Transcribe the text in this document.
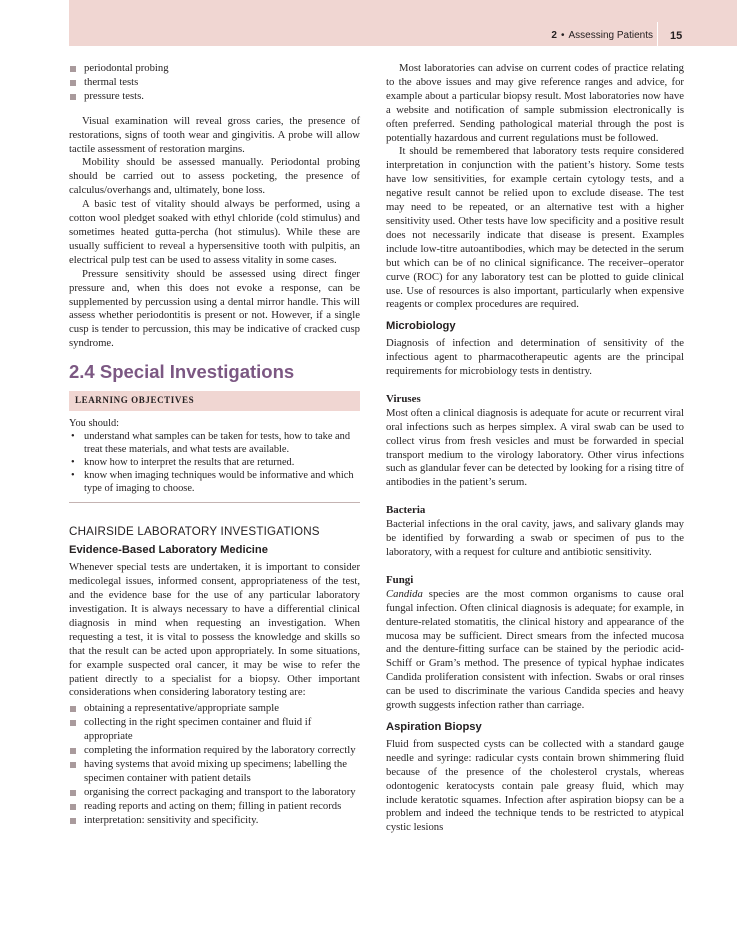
2 • Assessing Patients 15
periodontal probing
thermal tests
pressure tests.

Visual examination will reveal gross caries, the presence of restorations, signs of tooth wear and gingivitis. A probe will allow tactile assessment of restoration margins.

Mobility should be assessed manually. Periodontal probing should be carried out to assess pocketing, the presence of calculus/overhangs and, ultimately, bone loss.

A basic test of vitality should always be performed, using a cotton wool pledget soaked with ethyl chloride (cold stimulus) and sometimes heated gutta-percha (hot stimulus). While these are usually sufficient to reveal a hypersensitive tooth with pulpitis, an electrical pulp test can be used to assess vitality in some cases.

Pressure sensitivity should be assessed using direct finger pressure and, when this does not evoke a response, can be supplemented by percussion using a dental mirror handle. This will assess whether periodontitis is present or not. However, if a single cusp is tender to percussion, this may be indicative of cracked cusp syndrome.

2.4 Special Investigations
LEARNING OBJECTIVES
You should:
• understand what samples can be taken for tests, how to take and treat these materials, and what tests are available.
• know how to interpret the results that are returned.
• know when imaging techniques would be informative and which type of imaging to choose.
CHAIRSIDE LABORATORY INVESTIGATIONS
Evidence-Based Laboratory Medicine

Whenever special tests are undertaken, it is important to consider medicolegal issues, informed consent, appropriateness of the test, and the evidence base for the use of any particular laboratory investigation. It is always necessary to have a differential clinical diagnosis in mind when requesting an investigation. When requesting a test, it is vital to possess the knowledge and skills so that the result can be acted upon appropriately. In some situations, for example suspected oral cancer, it may be wise to refer the patient directly to a specialist for a biopsy. Other important considerations when considering laboratory testing are:

obtaining a representative/appropriate sample
collecting in the right specimen container and fluid if appropriate
completing the information required by the laboratory correctly
having systems that avoid mixing up specimens; labelling the specimen container with patient details
organising the correct packaging and transport to the laboratory
reading reports and acting on them; filling in patient records
interpretation: sensitivity and specificity.

Most laboratories can advise on current codes of practice relating to the above issues and may give reference ranges and advice, for example about a particular biopsy result. Most laboratories now have a website and notification of sample submission electronically is often preferred. Sending pathological material through the post is potentially hazardous and current regulations must be followed.

It should be remembered that laboratory tests require considered interpretation in conjunction with the patient’s history. Some tests have low sensitivities, for example certain cytology tests, and a negative result cannot be relied upon to exclude disease. The test may need to be repeated, or an alternative test with a higher sensitivity used. Other tests have low specificity and a positive result does not necessarily indicate that disease is present. Examples include low-titre autoantibodies, which may be detected in the serum but which can be of no clinical significance. The receiver–operator curve (ROC) for any laboratory test can be plotted to guide clinical use. Use of resources is also important, particularly when expensive reagents or complex procedures are required.

Microbiology

Diagnosis of infection and determination of sensitivity of the infectious agent to pharmacotherapeutic agents are the principal requirements for microbiology tests in dentistry.

Viruses

Most often a clinical diagnosis is adequate for acute or recurrent viral oral infections such as herpes simplex. A viral swab can be used to collect virus from fresh vesicles and must be forwarded in special transport medium to the virology laboratory. Other virus infections such as glandular fever can be detected by looking for a rising titre of antibodies in the patient’s serum.

Bacteria

Bacterial infections in the oral cavity, jaws, and salivary glands may be identified by forwarding a swab or specimen of pus to the laboratory, with a request for culture and antibiotic sensitivity.

Fungi

Candida species are the most common organisms to cause oral fungal infection. Often clinical diagnosis is adequate; for example, in denture-related stomatitis, the clinical history and appearance of the mucosa may be sufficient. Direct smears from the infected mucosa and the denture-fitting surface can be stained by the periodic acid-Schiff or Gram’s method. The presence of typical hyphae indicates Candida proliferation consistent with infection. Swabs or oral rinses can be used to discriminate the various Candida species and heavy growth suggests infection rather than carriage.

Aspiration Biopsy

Fluid from suspected cysts can be collected with a standard gauge needle and syringe: radicular cysts contain brown shimmering fluid because of the presence of the cholesterol crystals, whereas odontogenic keratocysts contain pale greasy fluid, which may include keratotic squames. Infection after aspiration biopsy can be a problem and indeed the technique tends to be restricted to atypical cystic lesions
